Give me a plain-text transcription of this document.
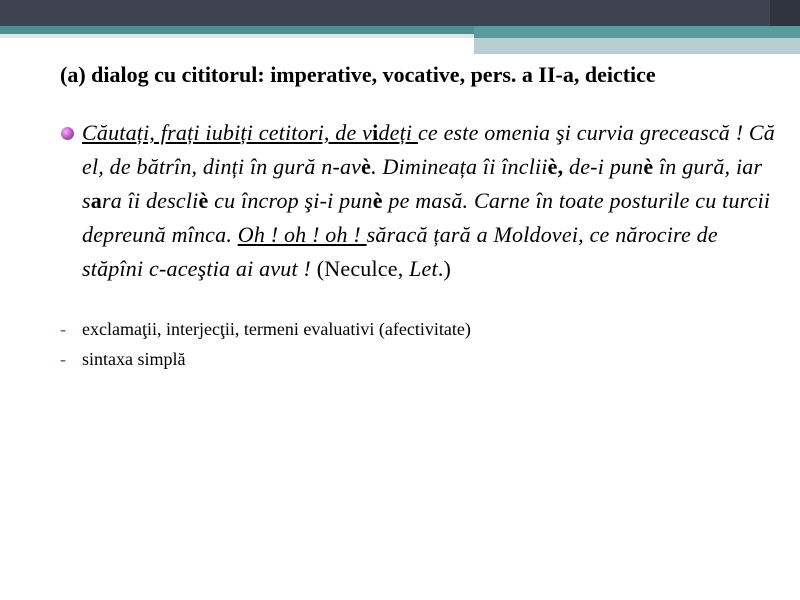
(a) dialog cu cititorul: imperative, vocative, pers. a II-a, deictice
Căutați, frați iubiți cetitori, de videți ce este omenia şi curvia grecească ! Că el, de bătrîn, dinți în gură n-avè. Dimineața îi încliiè, de-i punè în gură, iar sara îi descliè cu încrop şi-i punè pe masă. Carne în toate posturile cu turcii depreună mînca. Oh ! oh ! oh ! săracă țară a Moldovei, ce nărocire de stăpîni c-aceştia ai avut ! (Neculce, Let.)
- exclamaţii, interjecţii, termeni evaluativi (afectivitate)
- sintaxa simplă
